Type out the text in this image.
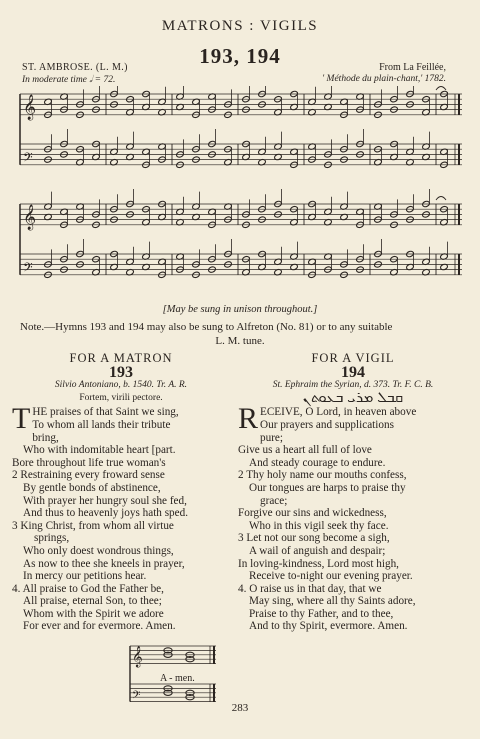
MATRONS : VIGILS
193, 194
ST. AMBROSE. (L. M.)
In moderate time 𝅗𝅥 = 72.
From La Feillée,
' Méthode du plain-chant,' 1782.
𝄞
𝄢
𝄞
𝄢
[May be sung in unison throughout.]
Note.—Hymns 193 and 194 may also be sung to Alfreton (No. 81) or to any suitable
L. M. tune.
FOR A MATRON
193
Silvio Antoniano, b. 1540. Tr. A. R.
Fortem, virili pectore.

THE praises of that Saint we sing,

To whom all lands their tribute

bring,

Who with indomitable heart [part.

Bore throughout life true woman's

2 Restraining every froward sense

By gentle bonds of abstinence,

With prayer her hungry soul she fed,

And thus to heavenly joys hath sped.

3 King Christ, from whom all virtue

springs,

Who only doest wondrous things,

As now to thee she kneels in prayer,

In mercy our petitions hear.

4. All praise to God the Father be,

All praise, eternal Son, to thee;

Whom with the Spirit we adore

For ever and for evermore. Amen.

FOR A VIGIL
194
St. Ephraim the Syrian, d. 373. Tr. F. C. B.
ܩܒܠ ܡܪܝ ܒܥܘܬܢ

RECEIVE, O Lord, in heaven above

Our prayers and supplications

pure;

Give us a heart all full of love

And steady courage to endure.

2 Thy holy name our mouths confess,

Our tongues are harps to praise thy

grace;

Forgive our sins and wickedness,

Who in this vigil seek thy face.

3 Let not our song become a sigh,

A wail of anguish and despair;

In loving-kindness, Lord most high,

Receive to-night our evening prayer.

4. O raise us in that day, that we

May sing, where all thy Saints adore,

Praise to thy Father, and to thee,

And to thy Spirit, evermore. Amen.

𝄞
𝄢
A - men.
283
